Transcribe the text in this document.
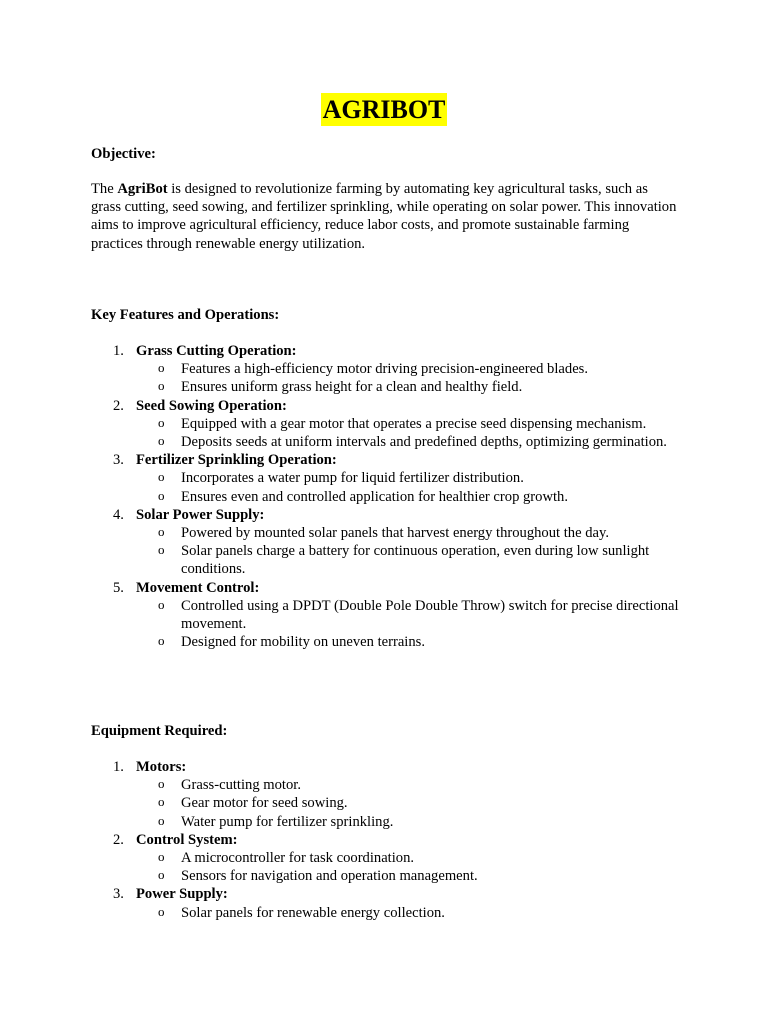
AGRIBOT

Objective:

The AgriBot is designed to revolutionize farming by automating key agricultural tasks, such as grass cutting, seed sowing, and fertilizer sprinkling, while operating on solar power. This innovation aims to improve agricultural efficiency, reduce labor costs, and promote sustainable farming practices through renewable energy utilization.

Key Features and Operations:

1. Grass Cutting Operation:
o Features a high-efficiency motor driving precision-engineered blades.
o Ensures uniform grass height for a clean and healthy field.
2. Seed Sowing Operation:
o Equipped with a gear motor that operates a precise seed dispensing mechanism.
o Deposits seeds at uniform intervals and predefined depths, optimizing germination.
3. Fertilizer Sprinkling Operation:
o Incorporates a water pump for liquid fertilizer distribution.
o Ensures even and controlled application for healthier crop growth.
4. Solar Power Supply:
o Powered by mounted solar panels that harvest energy throughout the day.
o Solar panels charge a battery for continuous operation, even during low sunlight conditions.
5. Movement Control:
o Controlled using a DPDT (Double Pole Double Throw) switch for precise directional movement.
o Designed for mobility on uneven terrains.

Equipment Required:

1. Motors:
o Grass-cutting motor.
o Gear motor for seed sowing.
o Water pump for fertilizer sprinkling.
2. Control System:
o A microcontroller for task coordination.
o Sensors for navigation and operation management.
3. Power Supply:
o Solar panels for renewable energy collection.
